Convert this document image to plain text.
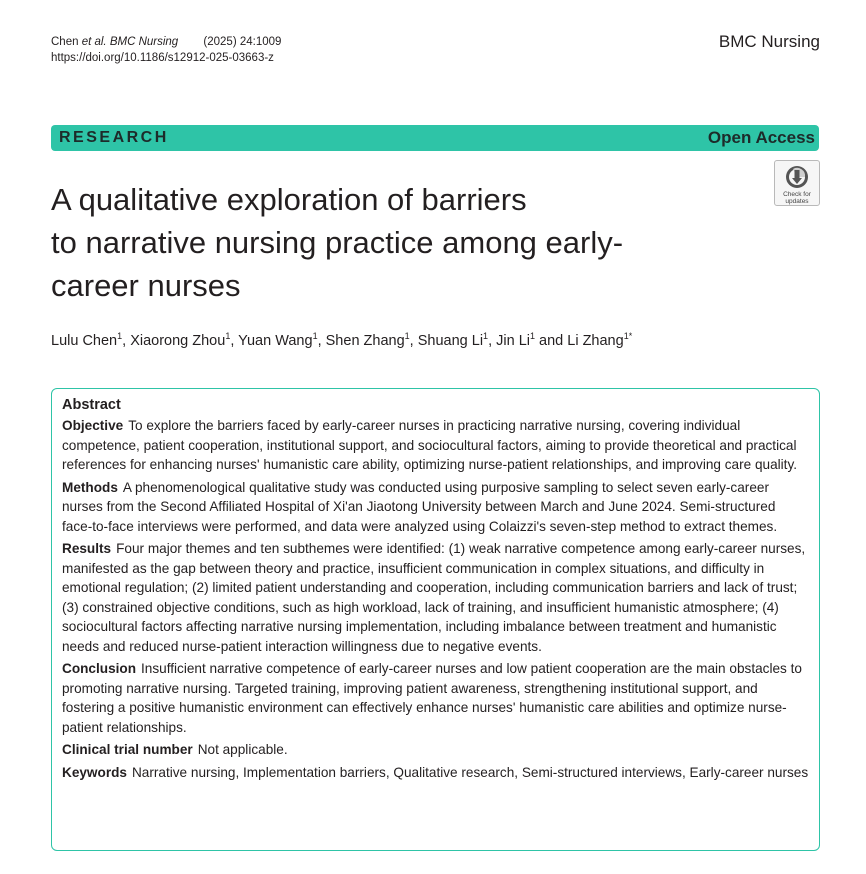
Chen et al. BMC Nursing (2025) 24:1009
https://doi.org/10.1186/s12912-025-03663-z
BMC Nursing
RESEARCH	Open Access
Check for
updates
A qualitative exploration of barriers
to narrative nursing practice among early-
career nurses
Lulu Chen$^1$, Xiaorong Zhou$^1$, Yuan Wang$^1$, Shen Zhang$^1$, Shuang Li$^1$, Jin Li$^1$ and Li Zhang$^{1*}$
Abstract

Objective To explore the barriers faced by early-career nurses in practicing narrative nursing, covering individual competence, patient cooperation, institutional support, and sociocultural factors, aiming to provide theoretical and practical references for enhancing nurses' humanistic care ability, optimizing nurse-patient relationships, and improving care quality.

Methods A phenomenological qualitative study was conducted using purposive sampling to select seven early-career nurses from the Second Affiliated Hospital of Xi'an Jiaotong University between March and June 2024. Semi-structured face-to-face interviews were performed, and data were analyzed using Colaizzi's seven-step method to extract themes.

Results Four major themes and ten subthemes were identified: (1) weak narrative competence among early-career nurses, manifested as the gap between theory and practice, insufficient communication in complex situations, and difficulty in emotional regulation; (2) limited patient understanding and cooperation, including communication barriers and lack of trust; (3) constrained objective conditions, such as high workload, lack of training, and insufficient humanistic atmosphere; (4) sociocultural factors affecting narrative nursing implementation, including imbalance between treatment and humanistic needs and reduced nurse-patient interaction willingness due to negative events.

Conclusion Insufficient narrative competence of early-career nurses and low patient cooperation are the main obstacles to promoting narrative nursing. Targeted training, improving patient awareness, strengthening institutional support, and fostering a positive humanistic environment can effectively enhance nurses' humanistic care abilities and optimize nurse-patient relationships.

Clinical trial number Not applicable.

Keywords Narrative nursing, Implementation barriers, Qualitative research, Semi-structured interviews, Early-career nurses
